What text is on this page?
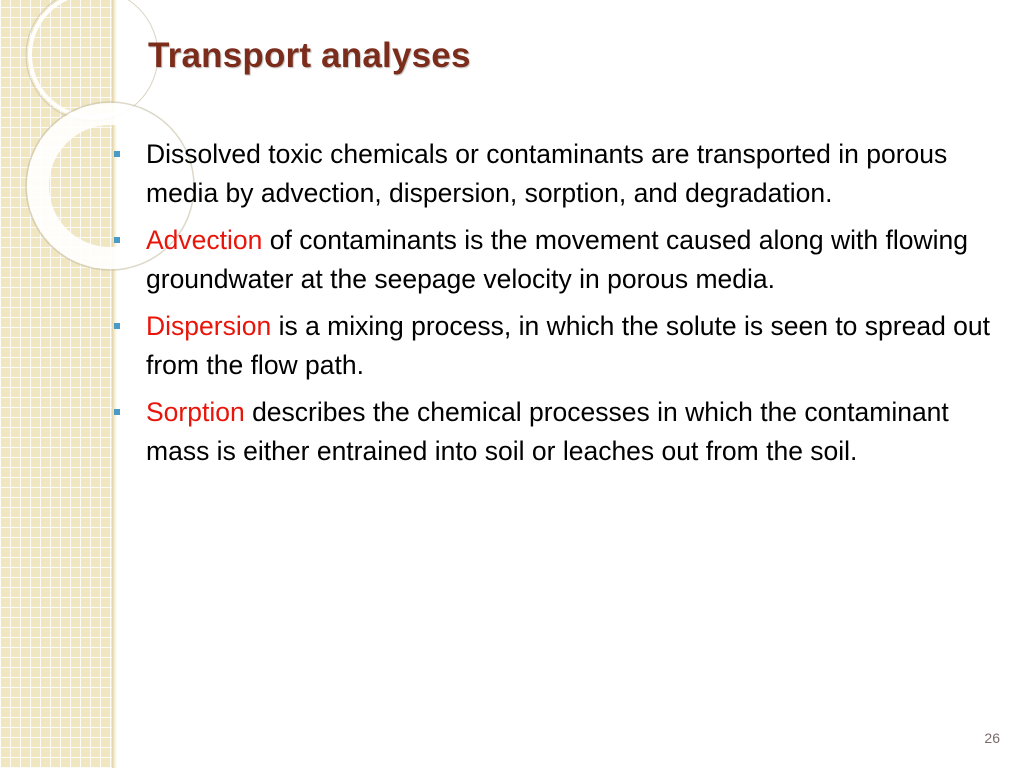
Transport analyses
Dissolved toxic chemicals or contaminants are transported in porous media by advection, dispersion, sorption, and degradation.
Advection of contaminants is the movement caused along with flowing groundwater at the seepage velocity in porous media.
Dispersion is a mixing process, in which the solute is seen to spread out from the flow path.
Sorption describes the chemical processes in which the contaminant mass is either entrained into soil or leaches out from the soil.
26
